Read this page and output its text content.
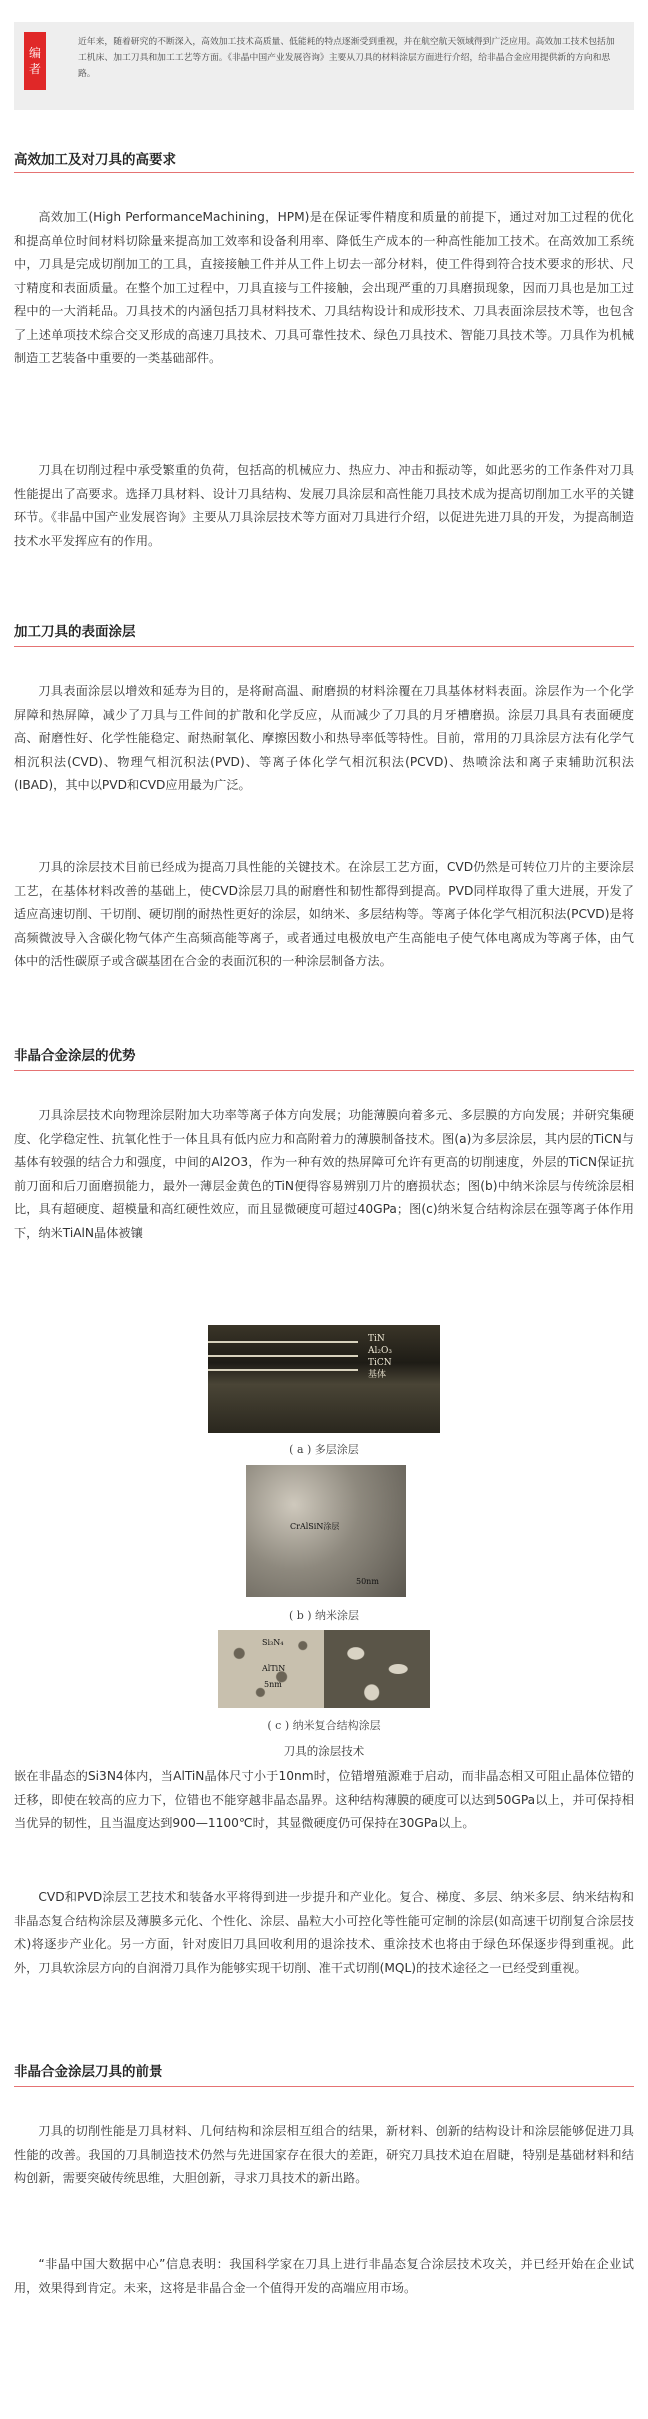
编
者
近年来，随着研究的不断深入，高效加工技术高质量、低能耗的特点逐渐受到重视，并在航空航天领域得到广泛应用。高效加工技术包括加工机床、加工刀具和加工工艺等方面。《非晶中国产业发展咨询》主要从刀具的材料涂层方面进行介绍，给非晶合金应用提供新的方向和思路。
高效加工及对刀具的高要求

高效加工(High PerformanceMachining，HPM)是在保证零件精度和质量的前提下，通过对加工过程的优化和提高单位时间材料切除量来提高加工效率和设备利用率、降低生产成本的一种高性能加工技术。在高效加工系统中，刀具是完成切削加工的工具，直接接触工件并从工件上切去一部分材料，使工件得到符合技术要求的形状、尺寸精度和表面质量。在整个加工过程中，刀具直接与工件接触，会出现严重的刀具磨损现象，因而刀具也是加工过程中的一大消耗品。刀具技术的内涵包括刀具材料技术、刀具结构设计和成形技术、刀具表面涂层技术等，也包含了上述单项技术综合交叉形成的高速刀具技术、刀具可靠性技术、绿色刀具技术、智能刀具技术等。刀具作为机械制造工艺装备中重要的一类基础部件。

刀具在切削过程中承受繁重的负荷，包括高的机械应力、热应力、冲击和振动等，如此恶劣的工作条件对刀具性能提出了高要求。选择刀具材料、设计刀具结构、发展刀具涂层和高性能刀具技术成为提高切削加工水平的关键环节。《非晶中国产业发展咨询》主要从刀具涂层技术等方面对刀具进行介绍，以促进先进刀具的开发，为提高制造技术水平发挥应有的作用。

加工刀具的表面涂层

刀具表面涂层以增效和延寿为目的，是将耐高温、耐磨损的材料涂覆在刀具基体材料表面。涂层作为一个化学屏障和热屏障，减少了刀具与工件间的扩散和化学反应，从而减少了刀具的月牙槽磨损。涂层刀具具有表面硬度高、耐磨性好、化学性能稳定、耐热耐氧化、摩擦因数小和热导率低等特性。目前，常用的刀具涂层方法有化学气相沉积法(CVD)、物理气相沉积法(PVD)、等离子体化学气相沉积法(PCVD)、热喷涂法和离子束辅助沉积法(IBAD)，其中以PVD和CVD应用最为广泛。

刀具的涂层技术目前已经成为提高刀具性能的关键技术。在涂层工艺方面，CVD仍然是可转位刀片的主要涂层工艺，在基体材料改善的基础上，使CVD涂层刀具的耐磨性和韧性都得到提高。PVD同样取得了重大进展，开发了适应高速切削、干切削、硬切削的耐热性更好的涂层，如纳米、多层结构等。等离子体化学气相沉积法(PCVD)是将高频微波导入含碳化物气体产生高频高能等离子，或者通过电极放电产生高能电子使气体电离成为等离子体，由气体中的活性碳原子或含碳基团在合金的表面沉积的一种涂层制备方法。

非晶合金涂层的优势

刀具涂层技术向物理涂层附加大功率等离子体方向发展；功能薄膜向着多元、多层膜的方向发展；并研究集硬度、化学稳定性、抗氧化性于一体且具有低内应力和高附着力的薄膜制备技术。图(a)为多层涂层，其内层的TiCN与基体有较强的结合力和强度，中间的Al2O3，作为一种有效的热屏障可允许有更高的切削速度，外层的TiCN保证抗前刀面和后刀面磨损能力，最外一薄层金黄色的TiN便得容易辨别刀片的磨损状态；图(b)中纳米涂层与传统涂层相比，具有超硬度、超模量和高红硬性效应，而且显微硬度可超过40GPa；图(c)纳米复合结构涂层在强等离子体作用下，纳米TiAlN晶体被镶

TiN
Al₂O₃
TiCN
基体
( a ) 多层涂层
CrAlSiN涂层
50nm
( b ) 纳米涂层
Si₃N₄
AlTiN
5nm
( c ) 纳米复合结构涂层
刀具的涂层技术

嵌在非晶态的Si3N4体内，当AlTiN晶体尺寸小于10nm时，位错增殖源难于启动，而非晶态相又可阻止晶体位错的迁移，即使在较高的应力下，位错也不能穿越非晶态晶界。这种结构薄膜的硬度可以达到50GPa以上，并可保持相当优异的韧性，且当温度达到900—1100℃时，其显微硬度仍可保持在30GPa以上。

CVD和PVD涂层工艺技术和装备水平将得到进一步提升和产业化。复合、梯度、多层、纳米多层、纳米结构和非晶态复合结构涂层及薄膜多元化、个性化、涂层、晶粒大小可控化等性能可定制的涂层(如高速干切削复合涂层技术)将逐步产业化。另一方面，针对废旧刀具回收利用的退涂技术、重涂技术也将由于绿色环保逐步得到重视。此外，刀具软涂层方向的自润滑刀具作为能够实现干切削、准干式切削(MQL)的技术途径之一已经受到重视。

非晶合金涂层刀具的前景

刀具的切削性能是刀具材料、几何结构和涂层相互组合的结果，新材料、创新的结构设计和涂层能够促进刀具性能的改善。我国的刀具制造技术仍然与先进国家存在很大的差距，研究刀具技术迫在眉睫，特别是基础材料和结构创新，需要突破传统思维，大胆创新，寻求刀具技术的新出路。

“非晶中国大数据中心”信息表明：我国科学家在刀具上进行非晶态复合涂层技术攻关，并已经开始在企业试用，效果得到肯定。未来，这将是非晶合金一个值得开发的高端应用市场。
